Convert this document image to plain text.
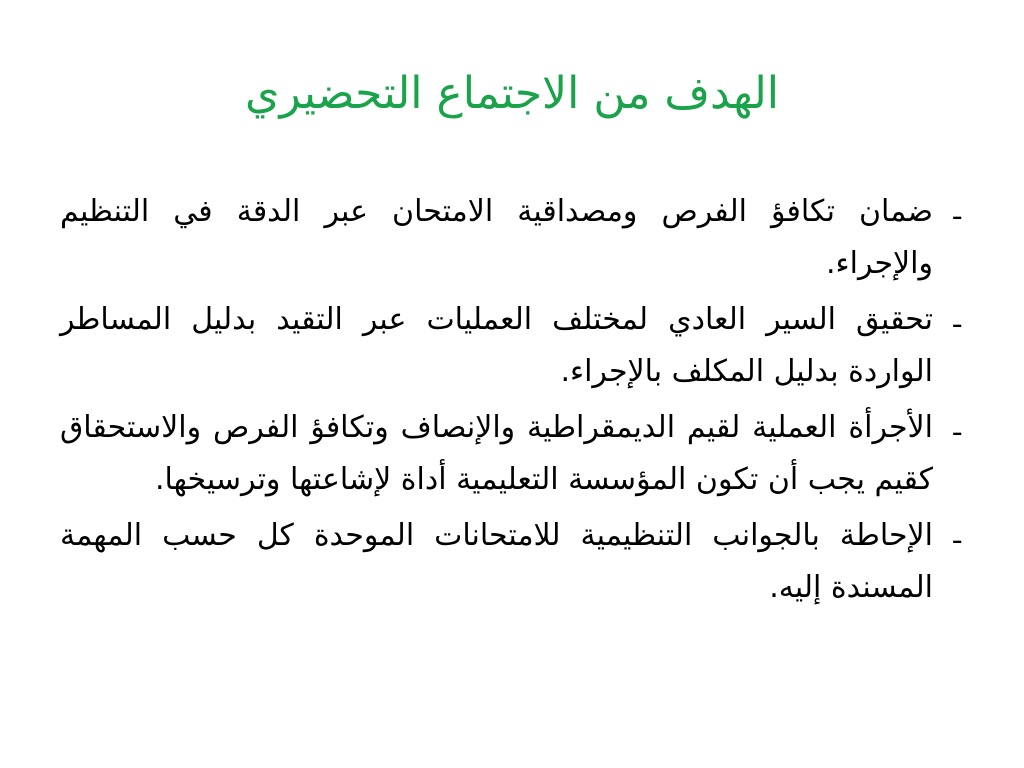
الهدف من الاجتماع التحضيري
ـ
ضمان تكافؤ الفرص ومصداقية الامتحان عبر الدقة في التنظيم والإجراء.
ـ
تحقيق السير العادي لمختلف العمليات عبر التقيد بدليل المساطر الواردة بدليل المكلف بالإجراء.
ـ
الأجرأة العملية لقيم الديمقراطية والإنصاف وتكافؤ الفرص والاستحقاق كقيم يجب أن تكون المؤسسة التعليمية أداة لإشاعتها وترسيخها.
ـ
الإحاطة بالجوانب التنظيمية للامتحانات الموحدة كل حسب المهمة المسندة إليه.
